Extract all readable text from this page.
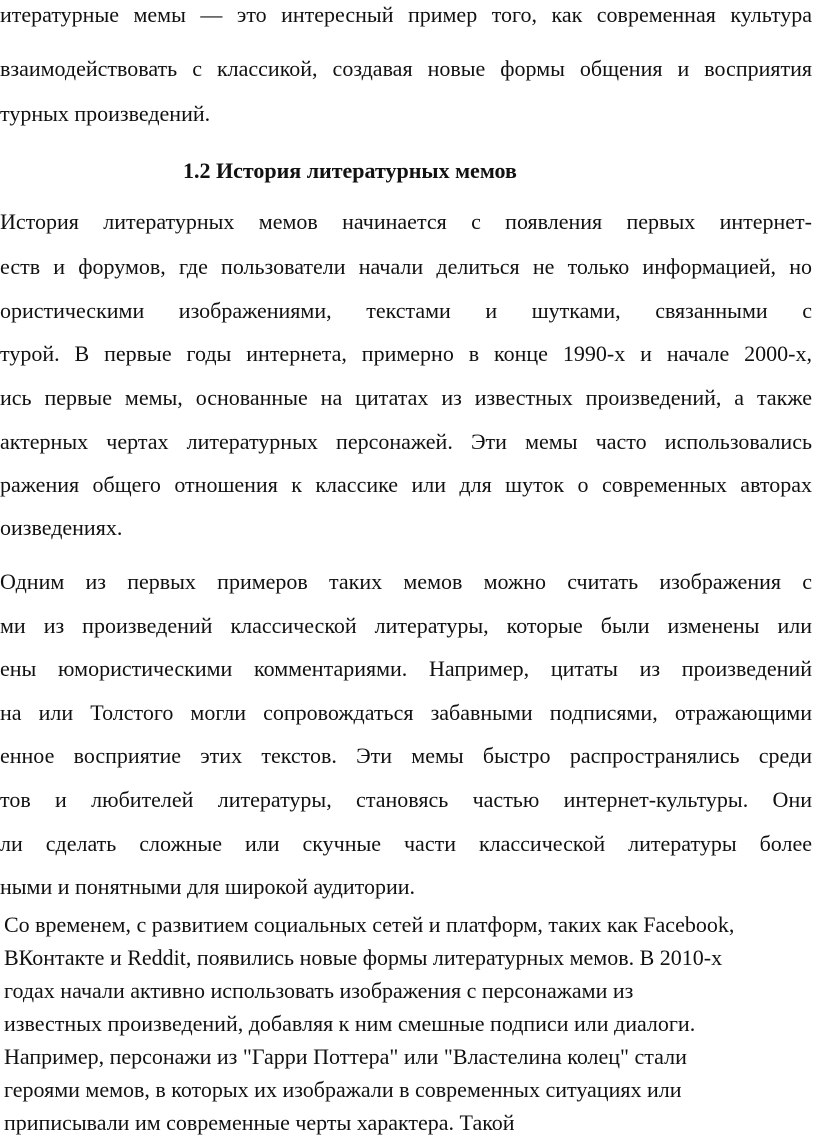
итературные мемы — это интересный пример того, как современная культура
взаимодействовать с классикой, создавая новые формы общения и восприятия
турных произведений.
1.2 История литературных мемов
История литературных мемов начинается с появления первых интернет-
еств и форумов, где пользователи начали делиться не только информацией, но
ористическими изображениями, текстами и шутками, связанными с
турой. В первые годы интернета, примерно в конце 1990-х и начале 2000-х,
ись первые мемы, основанные на цитатах из известных произведений, а также
актерных чертах литературных персонажей. Эти мемы часто использовались
ражения общего отношения к классике или для шуток о современных авторах
оизведениях.
Одним из первых примеров таких мемов можно считать изображения с
ми из произведений классической литературы, которые были изменены или
ены юмористическими комментариями. Например, цитаты из произведений
на или Толстого могли сопровождаться забавными подписями, отражающими
енное восприятие этих текстов. Эти мемы быстро распространялись среди
тов и любителей литературы, становясь частью интернет-культуры. Они
ли сделать сложные или скучные части классической литературы более
ными и понятными для широкой аудитории.
Со временем, с развитием социальных сетей и платформ, таких как Facebook,
ВКонтакте и Reddit, появились новые формы литературных мемов. В 2010-х
годах начали активно использовать изображения с персонажами из
известных произведений, добавляя к ним смешные подписи или диалоги.
Например, персонажи из "Гарри Поттера" или "Властелина колец" стали
героями мемов, в которых их изображали в современных ситуациях или
приписывали им современные черты характера. Такой
